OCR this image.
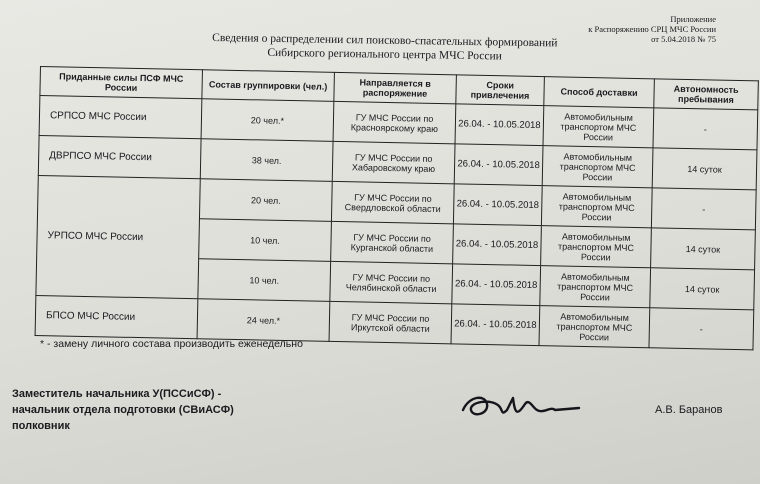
Приложение
к Распоряжению СРЦ МЧС России
от 5.04.2018 № 75
Сведения о распределении сил поисково-спасательных формирований
Сибирского регионального центра МЧС России
Приданные силы ПСФ МЧС России	Состав группировки (чел.)	Направляется в распоряжение	Сроки привлечения	Способ доставки	Автономность пребывания
СРПСО МЧС России	20 чел.*	ГУ МЧС России по Красноярскому краю	26.04. - 10.05.2018	Автомобильным транспортом МЧС России	-
ДВРПСО МЧС России	38 чел.	ГУ МЧС России по Хабаровскому краю	26.04. - 10.05.2018	Автомобильным транспортом МЧС России	14 суток
УРПСО МЧС России	20 чел.	ГУ МЧС России по Свердловской области	26.04. - 10.05.2018	Автомобильным транспортом МЧС России	-
	10 чел.	ГУ МЧС России по Курганской области	26.04. - 10.05.2018	Автомобильным транспортом МЧС России	14 суток
	10 чел.	ГУ МЧС России по Челябинской области	26.04. - 10.05.2018	Автомобильным транспортом МЧС России	14 суток
БПСО МЧС России	24 чел.*	ГУ МЧС России по Иркутской области	26.04. - 10.05.2018	Автомобильным транспортом МЧС России	-
* - замену личного состава производить еженедельно
Заместитель начальника У(ПССиСФ) -
начальник отдела подготовки (СВиАСФ)
полковник
А.В. Баранов
